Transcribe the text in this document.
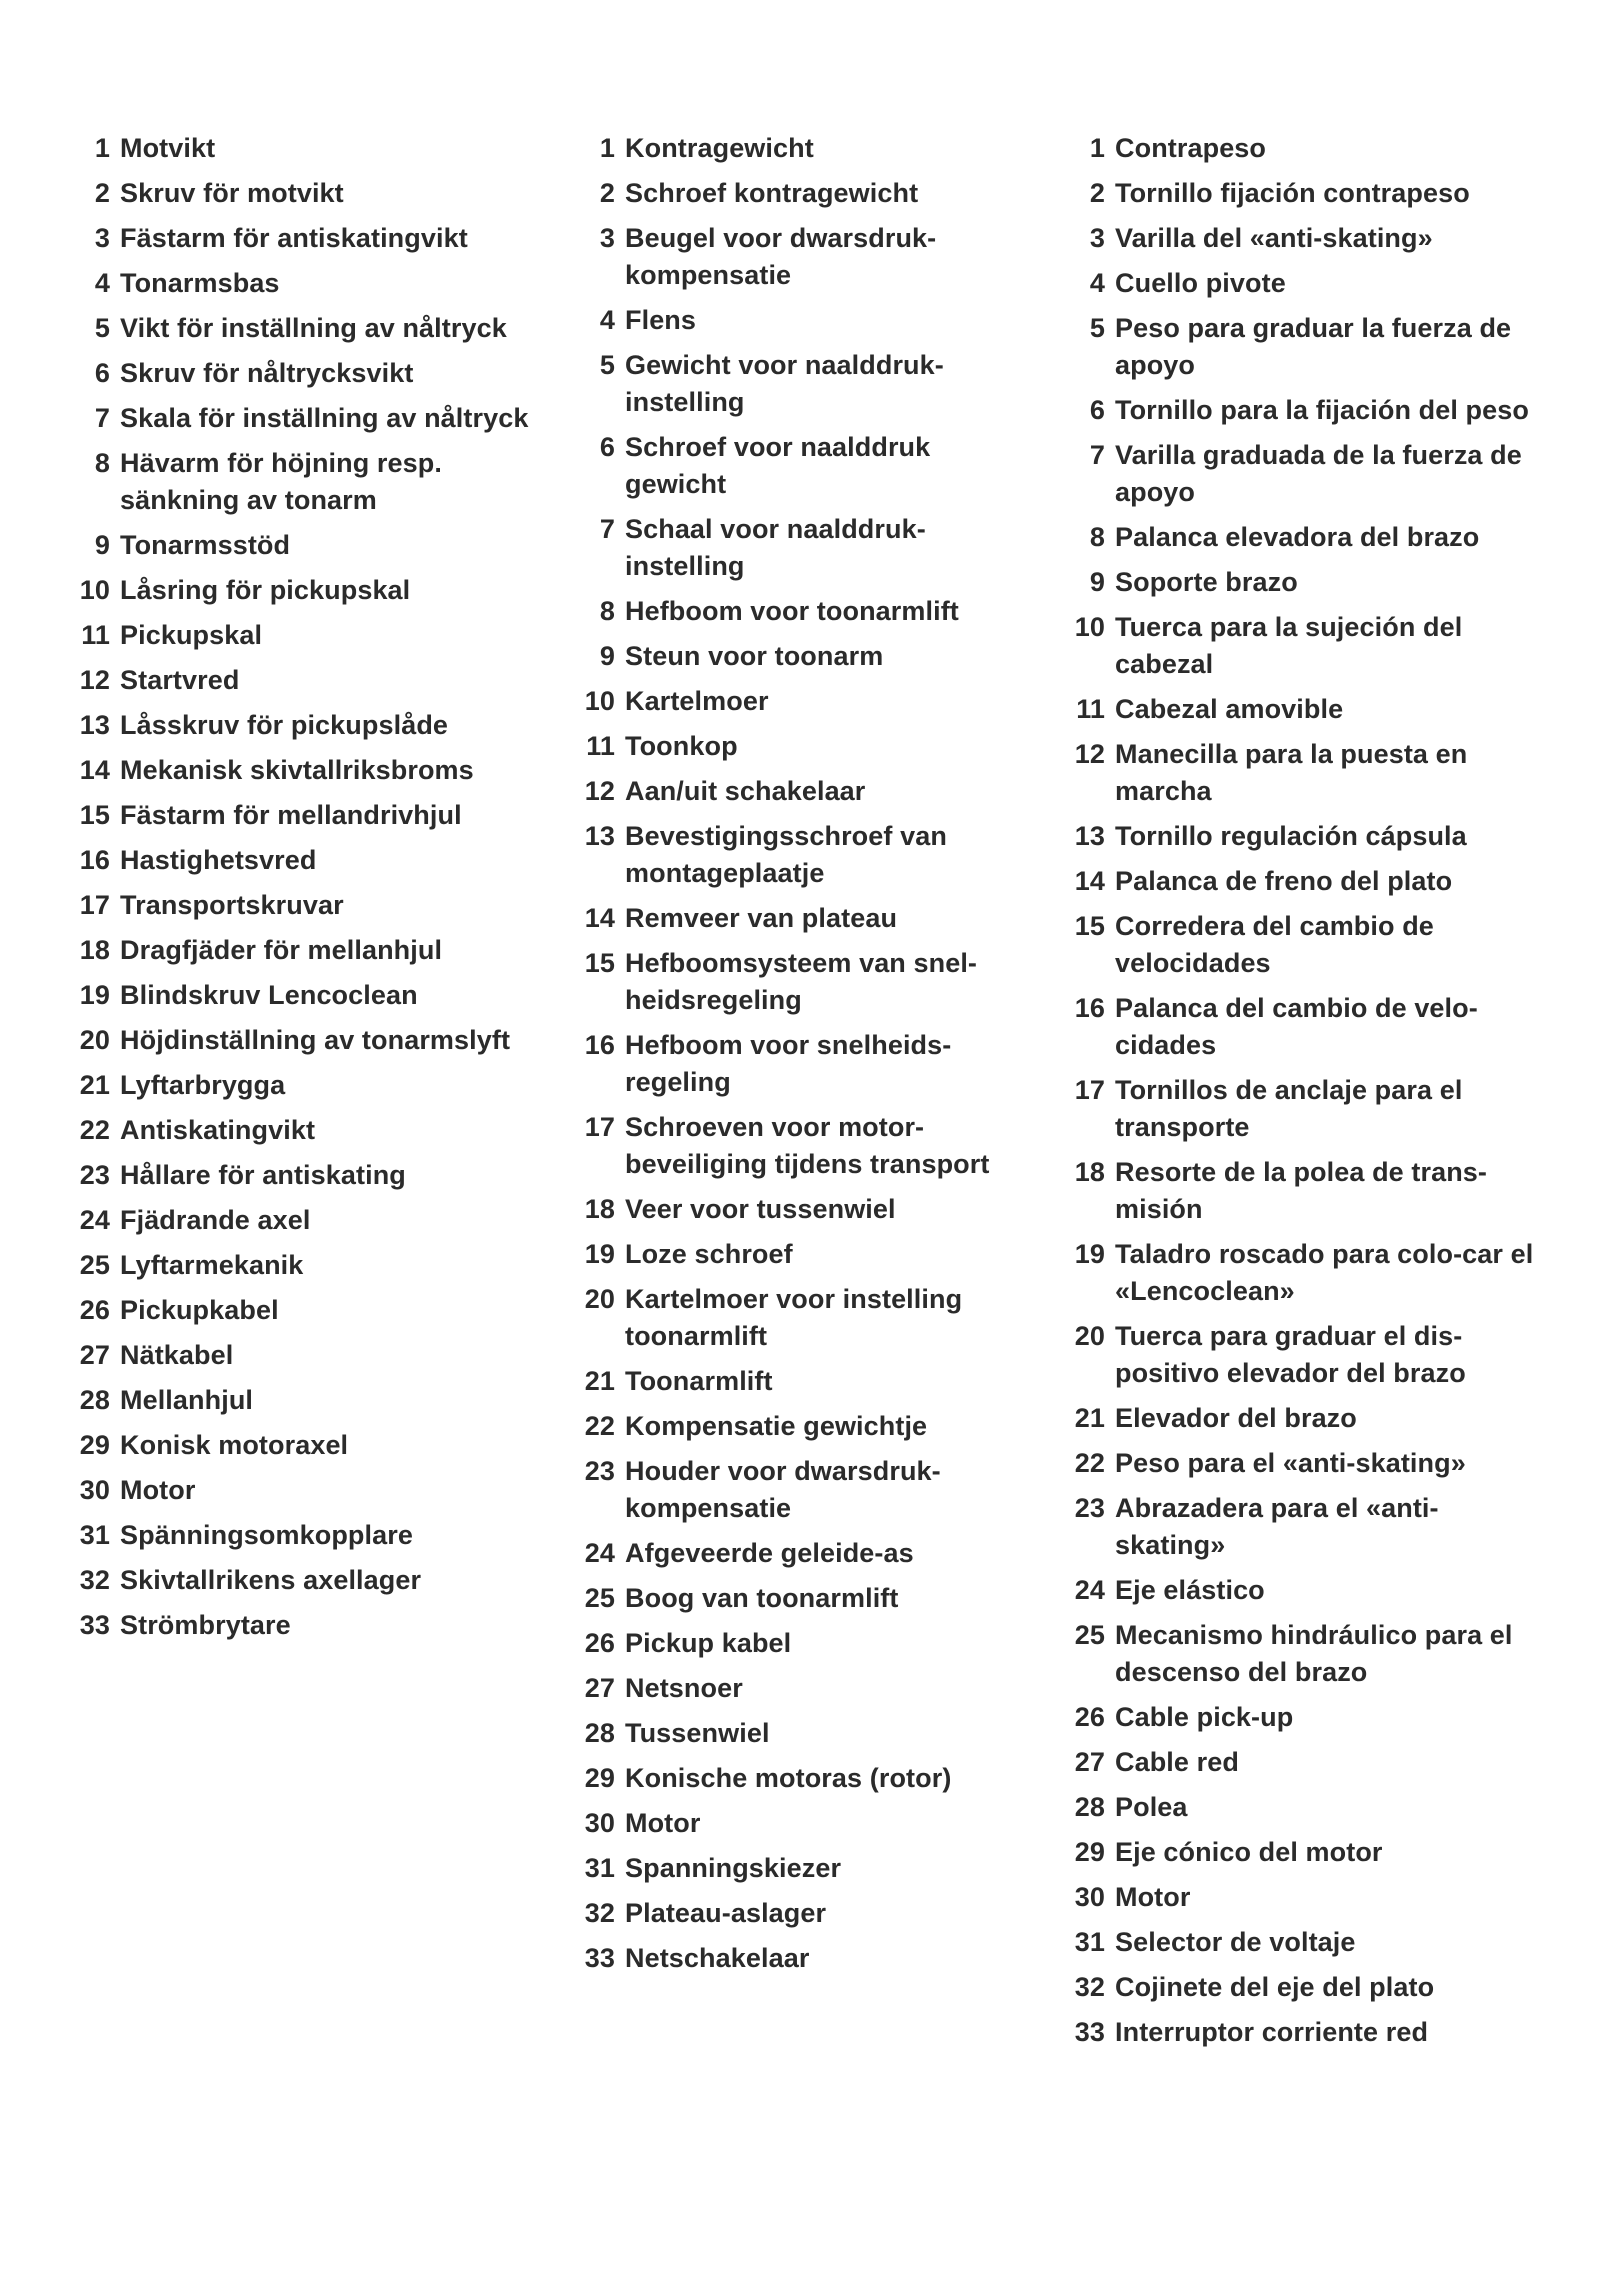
1 Motvikt
2 Skruv för motvikt
3 Fästarm för antiskatingvikt
4 Tonarmsbas
5 Vikt för inställning av nåltryck
6 Skruv för nåltrycksvikt
7 Skala för inställning av nåltryck
8 Hävarm för höjning resp. sänkning av tonarm
9 Tonarmsstöd
10 Låsring för pickupskal
11 Pickupskal
12 Startvred
13 Låsskruv för pickupslåde
14 Mekanisk skivtallriksbroms
15 Fästarm för mellandrivhjul
16 Hastighetsvred
17 Transportskruvar
18 Dragfjäder för mellanhjul
19 Blindskruv Lencoclean
20 Höjdinställning av tonarmslyft
21 Lyftarbrygga
22 Antiskatingvikt
23 Hållare för antiskating
24 Fjädrande axel
25 Lyftarmekanik
26 Pickupkabel
27 Nätkabel
28 Mellanhjul
29 Konisk motoraxel
30 Motor
31 Spänningsomkopplare
32 Skivtallrikens axellager
33 Strömbrytare
1 Kontragewicht
2 Schroef kontragewicht
3 Beugel voor dwarsdruk-kompensatie
4 Flens
5 Gewicht voor naalddruk-instelling
6 Schroef voor naalddruk gewicht
7 Schaal voor naalddruk-instelling
8 Hefboom voor toonarmlift
9 Steun voor toonarm
10 Kartelmoer
11 Toonkop
12 Aan/uit schakelaar
13 Bevestigingsschroef van montageplaatje
14 Remveer van plateau
15 Hefboomsysteem van snel-heidsregeling
16 Hefboom voor snelheids-regeling
17 Schroeven voor motor-beveiliging tijdens transport
18 Veer voor tussenwiel
19 Loze schroef
20 Kartelmoer voor instelling toonarmlift
21 Toonarmlift
22 Kompensatie gewichtje
23 Houder voor dwarsdruk-kompensatie
24 Afgeveerde geleide-as
25 Boog van toonarmlift
26 Pickup kabel
27 Netsnoer
28 Tussenwiel
29 Konische motoras (rotor)
30 Motor
31 Spanningskiezer
32 Plateau-aslager
33 Netschakelaar
1 Contrapeso
2 Tornillo fijación contrapeso
3 Varilla del «anti-skating»
4 Cuello pivote
5 Peso para graduar la fuerza de apoyo
6 Tornillo para la fijación del peso
7 Varilla graduada de la fuerza de apoyo
8 Palanca elevadora del brazo
9 Soporte brazo
10 Tuerca para la sujeción del cabezal
11 Cabezal amovible
12 Manecilla para la puesta en marcha
13 Tornillo regulación cápsula
14 Palanca de freno del plato
15 Corredera del cambio de velocidades
16 Palanca del cambio de velo-cidades
17 Tornillos de anclaje para el transporte
18 Resorte de la polea de trans-misión
19 Taladro roscado para colo-car el «Lencoclean»
20 Tuerca para graduar el dis-positivo elevador del brazo
21 Elevador del brazo
22 Peso para el «anti-skating»
23 Abrazadera para el «anti-skating»
24 Eje elástico
25 Mecanismo hindráulico para el descenso del brazo
26 Cable pick-up
27 Cable red
28 Polea
29 Eje cónico del motor
30 Motor
31 Selector de voltaje
32 Cojinete del eje del plato
33 Interruptor corriente red
